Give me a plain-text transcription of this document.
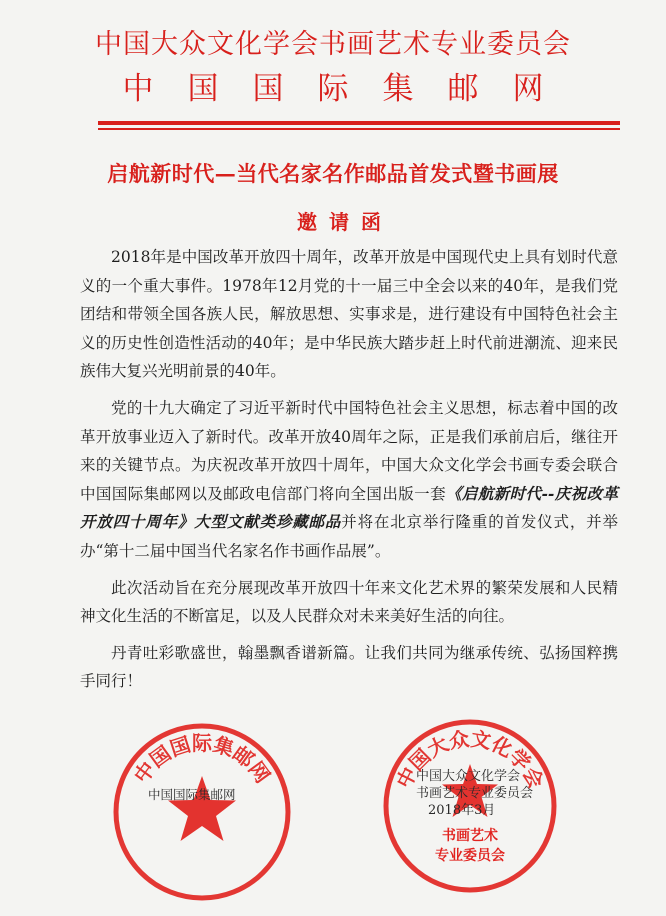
中国大众文化学会书画艺术专业委员会
中国国际集邮网
启航新时代—当代名家名作邮品首发式暨书画展
邀请函

2018年是中国改革开放四十周年，改革开放是中国现代史上具有划时代意义的一个重大事件。1978年12月党的十一届三中全会以来的40年，是我们党团结和带领全国各族人民，解放思想、实事求是，进行建设有中国特色社会主义的历史性创造性活动的40年；是中华民族大踏步赶上时代前进潮流、迎来民族伟大复兴光明前景的40年。

党的十九大确定了习近平新时代中国特色社会主义思想，标志着中国的改革开放事业迈入了新时代。改革开放40周年之际，正是我们承前启后，继往开来的关键节点。为庆祝改革开放四十周年，中国大众文化学会书画专委会联合中国国际集邮网以及邮政电信部门将向全国出版一套《启航新时代--庆祝改革开放四十周年》大型文献类珍藏邮品并将在北京举行隆重的首发仪式，并举办“第十二届中国当代名家名作书画作品展”。

此次活动旨在充分展现改革开放四十年来文化艺术界的繁荣发展和人民精神文化生活的不断富足，以及人民群众对未来美好生活的向往。

丹青吐彩歌盛世，翰墨飘香谱新篇。让我们共同为继承传统、弘扬国粹携手同行！

中国国际集邮网
中国国际集邮网
中国大众文化学会
书画艺术
专业委员会
中国大众文化学会
书画艺术专业委员会
2018年3月
